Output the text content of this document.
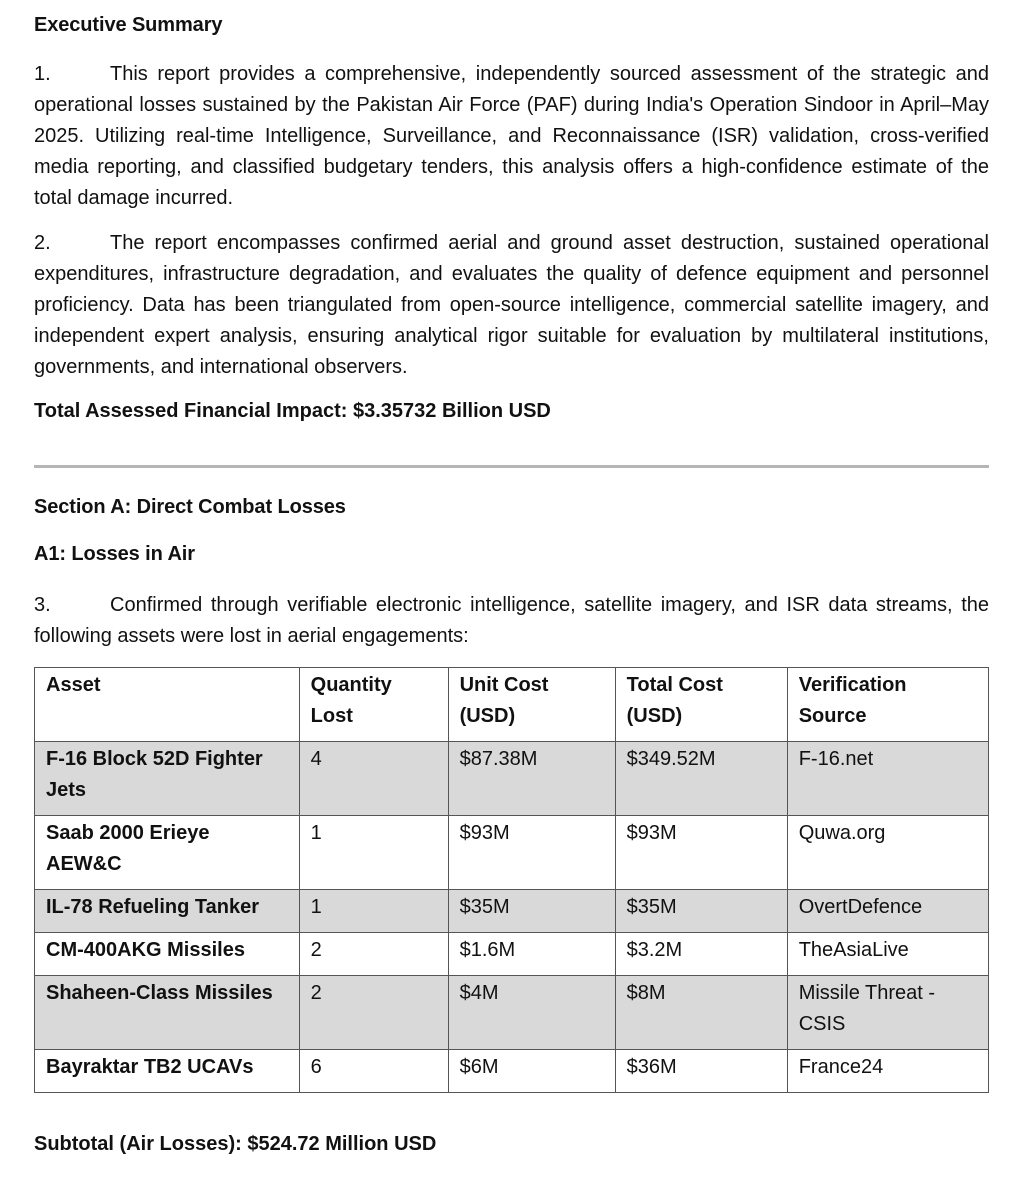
Executive Summary
1.	This report provides a comprehensive, independently sourced assessment of the strategic and operational losses sustained by the Pakistan Air Force (PAF) during India's Operation Sindoor in April–May 2025. Utilizing real-time Intelligence, Surveillance, and Reconnaissance (ISR) validation, cross-verified media reporting, and classified budgetary tenders, this analysis offers a high-confidence estimate of the total damage incurred.
2.	The report encompasses confirmed aerial and ground asset destruction, sustained operational expenditures, infrastructure degradation, and evaluates the quality of defence equipment and personnel proficiency. Data has been triangulated from open-source intelligence, commercial satellite imagery, and independent expert analysis, ensuring analytical rigor suitable for evaluation by multilateral institutions, governments, and international observers.
Total Assessed Financial Impact: $3.35732 Billion USD
Section A: Direct Combat Losses
A1: Losses in Air
3.	Confirmed through verifiable electronic intelligence, satellite imagery, and ISR data streams, the following assets were lost in aerial engagements:
Asset	Quantity Lost	Unit Cost (USD)	Total Cost (USD)	Verification Source
F-16 Block 52D Fighter Jets	4	$87.38M	$349.52M	F-16.net
Saab 2000 Erieye AEW&C	1	$93M	$93M	Quwa.org
IL-78 Refueling Tanker	1	$35M	$35M	OvertDefence
CM-400AKG Missiles	2	$1.6M	$3.2M	TheAsiaLive
Shaheen-Class Missiles	2	$4M	$8M	Missile Threat - CSIS
Bayraktar TB2 UCAVs	6	$6M	$36M	France24
Subtotal (Air Losses): $524.72 Million USD
